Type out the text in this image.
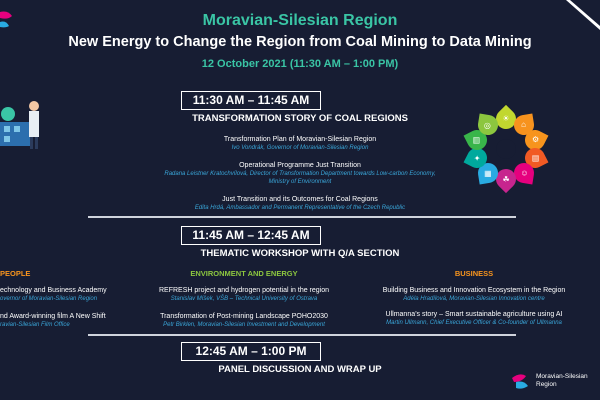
Moravian-Silesian Region
New Energy to Change the Region from Coal Mining to Data Mining
12 October 2021 (11:30 AM – 1:00 PM)
☀
⌂
⚙
▤
☺
☘
▦
✦
▥
◎
11:30 AM – 11:45 AM
TRANSFORMATION STORY OF COAL REGIONS
Transformation Plan of Moravian-Silesian Region
Ivo Vondrák, Governor of Moravian-Silesian Region
Operational Programme Just Transition
Radana Leistner Kratochvílová, Director of Transformation Department towards Low-carbon Economy,
Ministry of Environment
Just Transition and its Outcomes for Coal Regions
Edita Hrdá, Ambassador and Permanent Representative of the Czech Republic
11:45 AM – 12:45 AM
THEMATIC WORKSHOP WITH Q/A SECTION
PEOPLE
echnology and Business Academy
overnor of Moravian-Silesian Region
nd Award-winning film A New Shift
ravian-Silesian Film Office
ENVIRONMENT AND ENERGY
REFRESH project and hydrogen potential in the region
Stanislav Míšek, VŠB – Technical University of Ostrava
Transformation of Post-mining Landscape POHO2030
Petr Birklen, Moravian-Silesian Investment and Development
BUSINESS
Building Business and Innovation Ecosystem in the Region
Adéla Hradílová, Moravian-Silesian Innovation centre
Ullmanna’s story – Smart sustainable agriculture using AI
Martin Ullmann, Chief Executive Officer & Co-founder of Ullmanna
12:45 AM – 1:00 PM
PANEL DISCUSSION AND WRAP UP
Moravian-Silesian
Region
